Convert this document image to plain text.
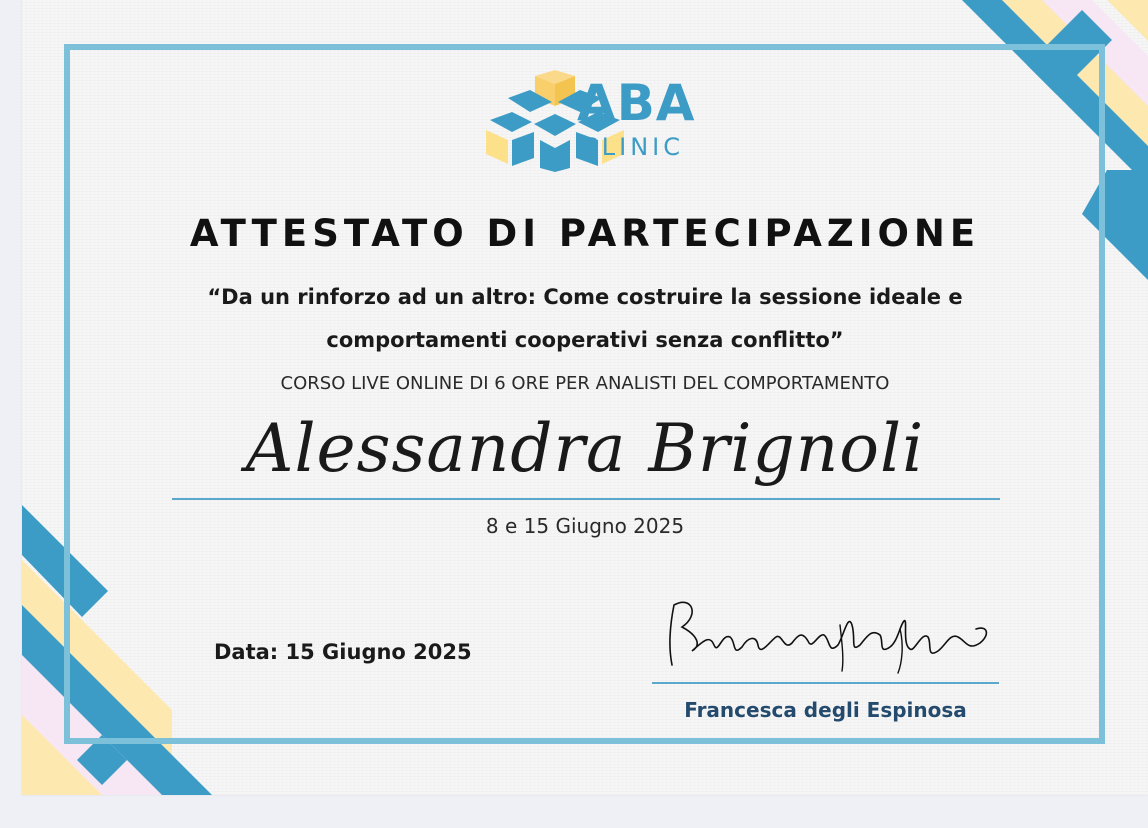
ABA
CLINIC
ATTESTATO DI PARTECIPAZIONE
“Da un rinforzo ad un altro: Come costruire la sessione ideale e
comportamenti cooperativi senza conflitto”
CORSO LIVE ONLINE DI 6 ORE PER ANALISTI DEL COMPORTAMENTO
Alessandra Brignoli
8 e 15 Giugno 2025
Data: 15 Giugno 2025
Francesca degli Espinosa
